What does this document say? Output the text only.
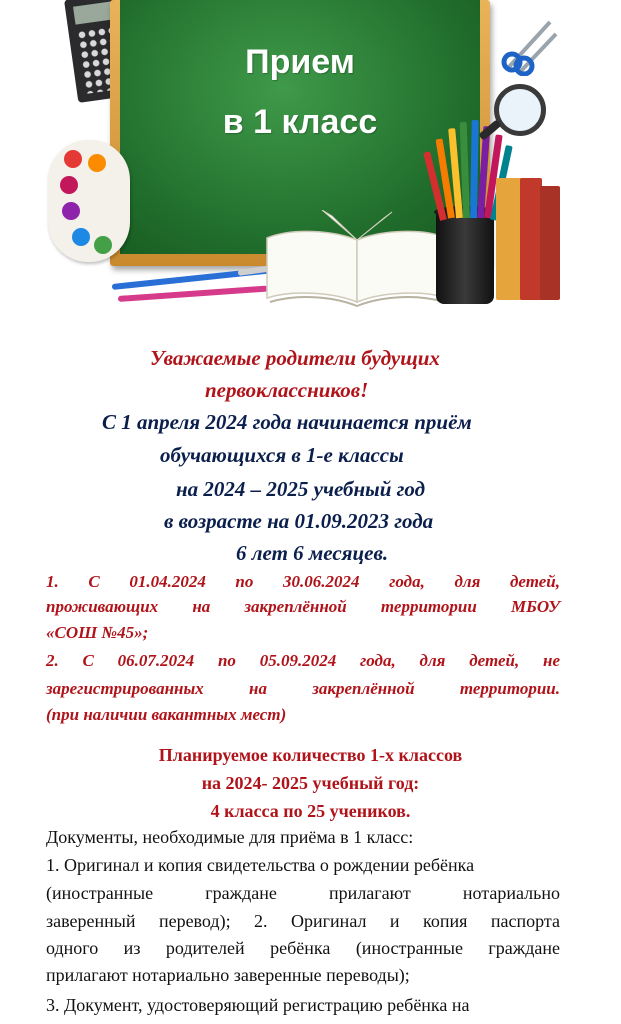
Прием
в 1 класс
Уважаемые родители будущих
первоклассников!
С 1 апреля 2024 года начинается приём
обучающихся в 1-е классы
на 2024 – 2025 учебный год
в возрасте на 01.09.2023 года
6 лет 6 месяцев.
1. С 01.04.2024 по 30.06.2024 года, для детей,
проживающих на закреплённой территории МБОУ
«СОШ №45»;
2. С 06.07.2024 по 05.09.2024 года, для детей, не
зарегистрированных на закреплённой территории.
(при наличии вакантных мест)
Планируемое количество 1-х классов
на 2024- 2025 учебный год:
4 класса по 25 учеников.
Документы, необходимые для приёма в 1 класс:
1. Оригинал и копия свидетельства о рождении ребёнка
(иностранные граждане прилагают нотариально
заверенный перевод); 2. Оригинал и копия паспорта
одного из родителей ребёнка (иностранные граждане
прилагают нотариально заверенные переводы);
3. Документ, удостоверяющий регистрацию ребёнка на
